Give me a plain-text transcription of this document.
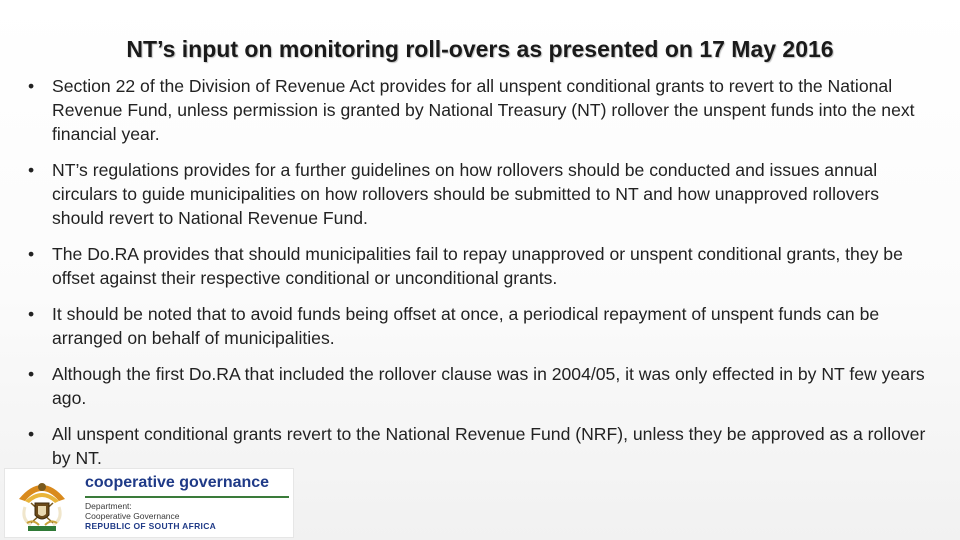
NT’s input on monitoring roll-overs as presented on 17 May 2016
• Section 22 of the Division of Revenue Act provides for all unspent conditional grants to revert to the National Revenue Fund, unless permission is granted by National Treasury (NT) rollover the unspent funds into the next financial year.
• NT’s regulations provides for a further guidelines on how rollovers should be conducted and issues annual circulars to guide municipalities on how rollovers should be submitted to NT and how unapproved rollovers should revert to National Revenue Fund.
• The Do.RA provides that should municipalities fail to repay unapproved or unspent conditional grants, they be offset against their respective conditional or unconditional grants.
• It should be noted that to avoid funds being offset at once, a periodical repayment of unspent funds can be arranged on behalf of municipalities.
• Although the first Do.RA that included the rollover clause was in 2004/05, it was only effected in by NT few years ago.
• All unspent conditional grants revert to the National Revenue Fund (NRF), unless they be approved as a rollover by NT.
cooperative governance
Department:
Cooperative Governance
REPUBLIC OF SOUTH AFRICA
